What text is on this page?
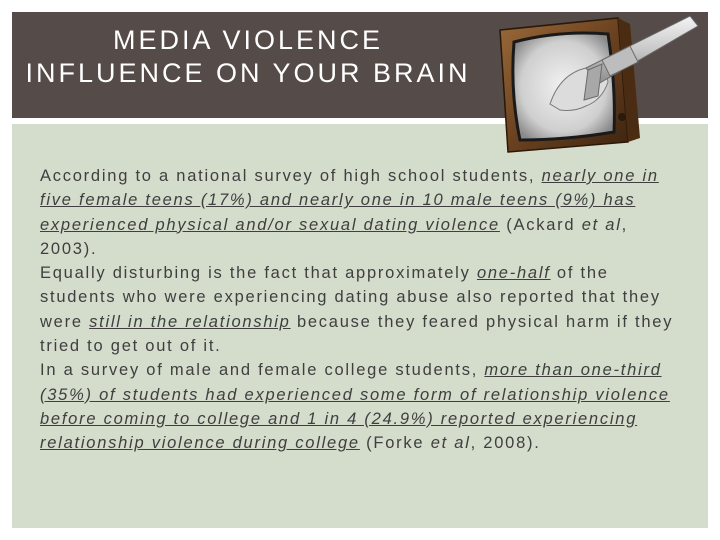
MEDIA VIOLENCE
INFLUENCE ON YOUR BRAIN

According to a national survey of high school students, nearly one in five female teens (17%) and nearly one in 10 male teens (9%) has experienced physical and/or sexual dating violence (Ackard et al, 2003).

Equally disturbing is the fact that approximately one-half of the students who were experiencing dating abuse also reported that they were still in the relationship because they feared physical harm if they tried to get out of it.

In a survey of male and female college students, more than one-third (35%) of students had experienced some form of relationship violence before coming to college and 1 in 4 (24.9%) reported experiencing relationship violence during college (Forke et al, 2008).
